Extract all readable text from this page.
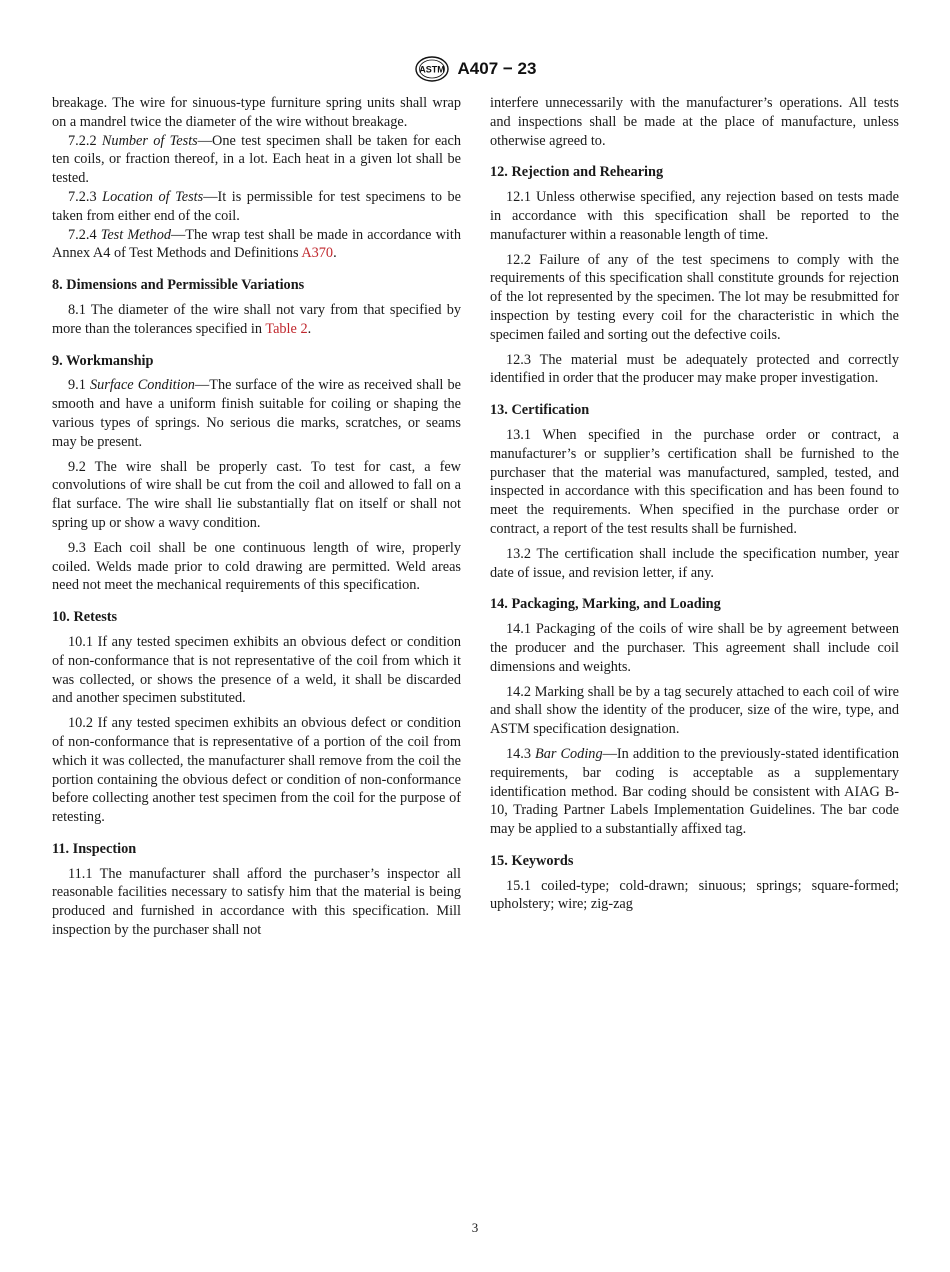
ASTM A407 − 23

breakage. The wire for sinuous-type furniture spring units shall wrap on a mandrel twice the diameter of the wire without breakage.

7.2.2 Number of Tests—One test specimen shall be taken for each ten coils, or fraction thereof, in a lot. Each heat in a given lot shall be tested.

7.2.3 Location of Tests—It is permissible for test specimens to be taken from either end of the coil.

7.2.4 Test Method—The wrap test shall be made in accordance with Annex A4 of Test Methods and Definitions A370.

8. Dimensions and Permissible Variations

8.1 The diameter of the wire shall not vary from that specified by more than the tolerances specified in Table 2.

9. Workmanship

9.1 Surface Condition—The surface of the wire as received shall be smooth and have a uniform finish suitable for coiling or shaping the various types of springs. No serious die marks, scratches, or seams may be present.

9.2 The wire shall be properly cast. To test for cast, a few convolutions of wire shall be cut from the coil and allowed to fall on a flat surface. The wire shall lie substantially flat on itself or shall not spring up or show a wavy condition.

9.3 Each coil shall be one continuous length of wire, properly coiled. Welds made prior to cold drawing are permitted. Weld areas need not meet the mechanical requirements of this specification.

10. Retests

10.1 If any tested specimen exhibits an obvious defect or condition of non-conformance that is not representative of the coil from which it was collected, or shows the presence of a weld, it shall be discarded and another specimen substituted.

10.2 If any tested specimen exhibits an obvious defect or condition of non-conformance that is representative of a portion of the coil from which it was collected, the manufacturer shall remove from the coil the portion containing the obvious defect or condition of non-conformance before collecting another test specimen from the coil for the purpose of retesting.

11. Inspection

11.1 The manufacturer shall afford the purchaser’s inspector all reasonable facilities necessary to satisfy him that the material is being produced and furnished in accordance with this specification. Mill inspection by the purchaser shall not

interfere unnecessarily with the manufacturer’s operations. All tests and inspections shall be made at the place of manufacture, unless otherwise agreed to.

12. Rejection and Rehearing

12.1 Unless otherwise specified, any rejection based on tests made in accordance with this specification shall be reported to the manufacturer within a reasonable length of time.

12.2 Failure of any of the test specimens to comply with the requirements of this specification shall constitute grounds for rejection of the lot represented by the specimen. The lot may be resubmitted for inspection by testing every coil for the characteristic in which the specimen failed and sorting out the defective coils.

12.3 The material must be adequately protected and correctly identified in order that the producer may make proper investigation.

13. Certification

13.1 When specified in the purchase order or contract, a manufacturer’s or supplier’s certification shall be furnished to the purchaser that the material was manufactured, sampled, tested, and inspected in accordance with this specification and has been found to meet the requirements. When specified in the purchase order or contract, a report of the test results shall be furnished.

13.2 The certification shall include the specification number, year date of issue, and revision letter, if any.

14. Packaging, Marking, and Loading

14.1 Packaging of the coils of wire shall be by agreement between the producer and the purchaser. This agreement shall include coil dimensions and weights.

14.2 Marking shall be by a tag securely attached to each coil of wire and shall show the identity of the producer, size of the wire, type, and ASTM specification designation.

14.3 Bar Coding—In addition to the previously-stated identification requirements, bar coding is acceptable as a supplementary identification method. Bar coding should be consistent with AIAG B-10, Trading Partner Labels Implementation Guidelines. The bar code may be applied to a substantially affixed tag.

15. Keywords

15.1 coiled-type; cold-drawn; sinuous; springs; square-formed; upholstery; wire; zig-zag

3
